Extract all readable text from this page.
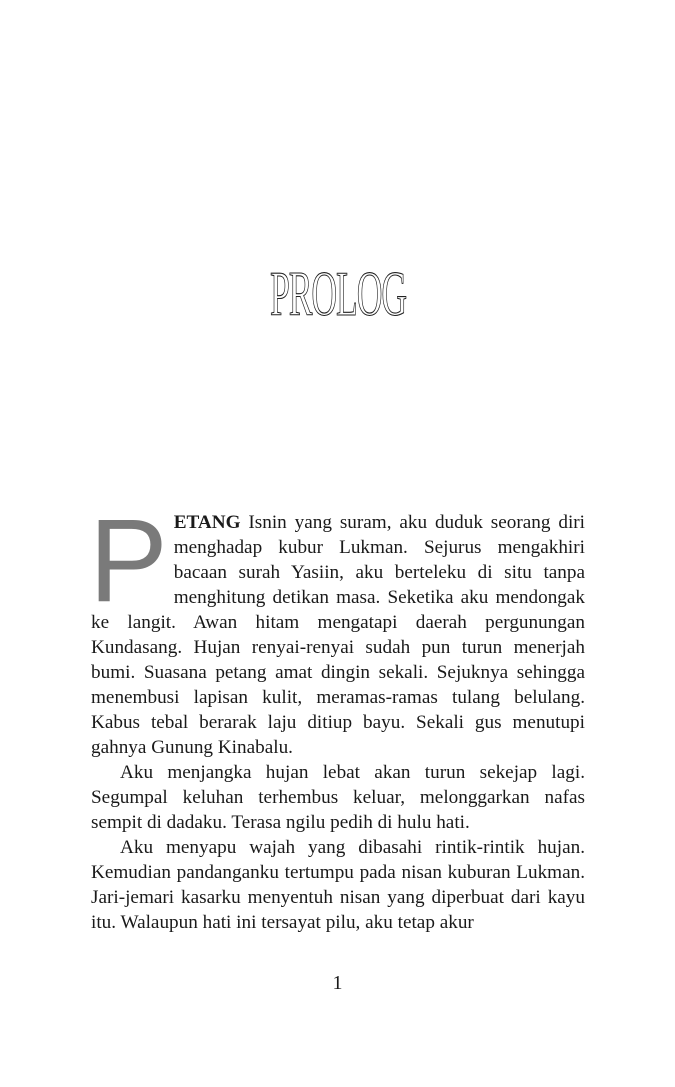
PROLOG

PETANG Isnin yang suram, aku duduk seorang diri menghadap kubur Lukman. Sejurus mengakhiri bacaan surah Yasiin, aku berteleku di situ tanpa menghitung detikan masa. Seketika aku mendongak ke langit. Awan hitam mengatapi daerah pergunungan Kundasang. Hujan renyai-renyai sudah pun turun menerjah bumi. Suasana petang amat dingin sekali. Sejuknya sehingga menembusi lapisan kulit, meramas-ramas tulang belulang. Kabus tebal berarak laju ditiup bayu. Sekali gus menutupi gahnya Gunung Kinabalu.

Aku menjangka hujan lebat akan turun sekejap lagi. Segumpal keluhan terhembus keluar, melonggarkan nafas sempit di dadaku. Terasa ngilu pedih di hulu hati.

Aku menyapu wajah yang dibasahi rintik-rintik hujan. Kemudian pandanganku tertumpu pada nisan kuburan Lukman. Jari-jemari kasarku menyentuh nisan yang diperbuat dari kayu itu. Walaupun hati ini tersayat pilu, aku tetap akur

1
